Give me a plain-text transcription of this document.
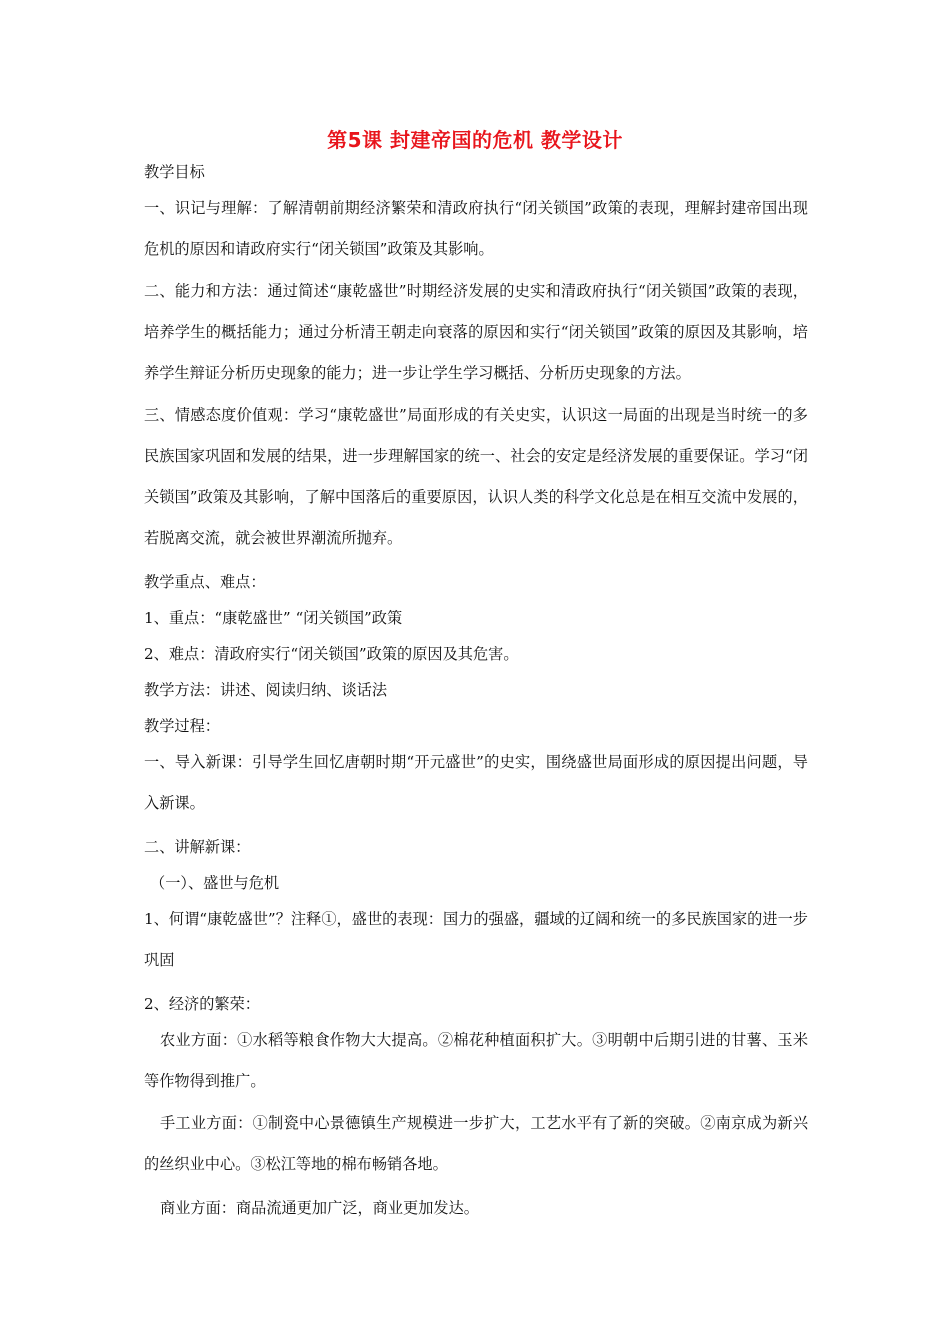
第5课 封建帝国的危机 教学设计

教学目标

一、识记与理解：了解清朝前期经济繁荣和清政府执行“闭关锁国”政策的表现，理解封建帝国出现危机的原因和请政府实行“闭关锁国”政策及其影响。

二、能力和方法：通过简述“康乾盛世”时期经济发展的史实和清政府执行“闭关锁国”政策的表现，培养学生的概括能力；通过分析清王朝走向衰落的原因和实行“闭关锁国”政策的原因及其影响，培养学生辩证分析历史现象的能力；进一步让学生学习概括、分析历史现象的方法。

三、情感态度价值观：学习“康乾盛世”局面形成的有关史实，认识这一局面的出现是当时统一的多民族国家巩固和发展的结果，进一步理解国家的统一、社会的安定是经济发展的重要保证。学习“闭关锁国”政策及其影响，了解中国落后的重要原因，认识人类的科学文化总是在相互交流中发展的，若脱离交流，就会被世界潮流所抛弃。

教学重点、难点：

1、重点：“康乾盛世” “闭关锁国”政策

2、难点：清政府实行“闭关锁国”政策的原因及其危害。

教学方法：讲述、阅读归纳、谈话法

教学过程：

一、导入新课：引导学生回忆唐朝时期“开元盛世”的史实，围绕盛世局面形成的原因提出问题，导入新课。

二、讲解新课：

（一）、盛世与危机

1、何谓“康乾盛世”？注释①，盛世的表现：国力的强盛，疆域的辽阔和统一的多民族国家的进一步巩固

2、经济的繁荣：

农业方面：①水稻等粮食作物大大提高。②棉花种植面积扩大。③明朝中后期引进的甘薯、玉米等作物得到推广。

手工业方面：①制瓷中心景德镇生产规模进一步扩大，工艺水平有了新的突破。②南京成为新兴的丝织业中心。③松江等地的棉布畅销各地。

商业方面：商品流通更加广泛，商业更加发达。
